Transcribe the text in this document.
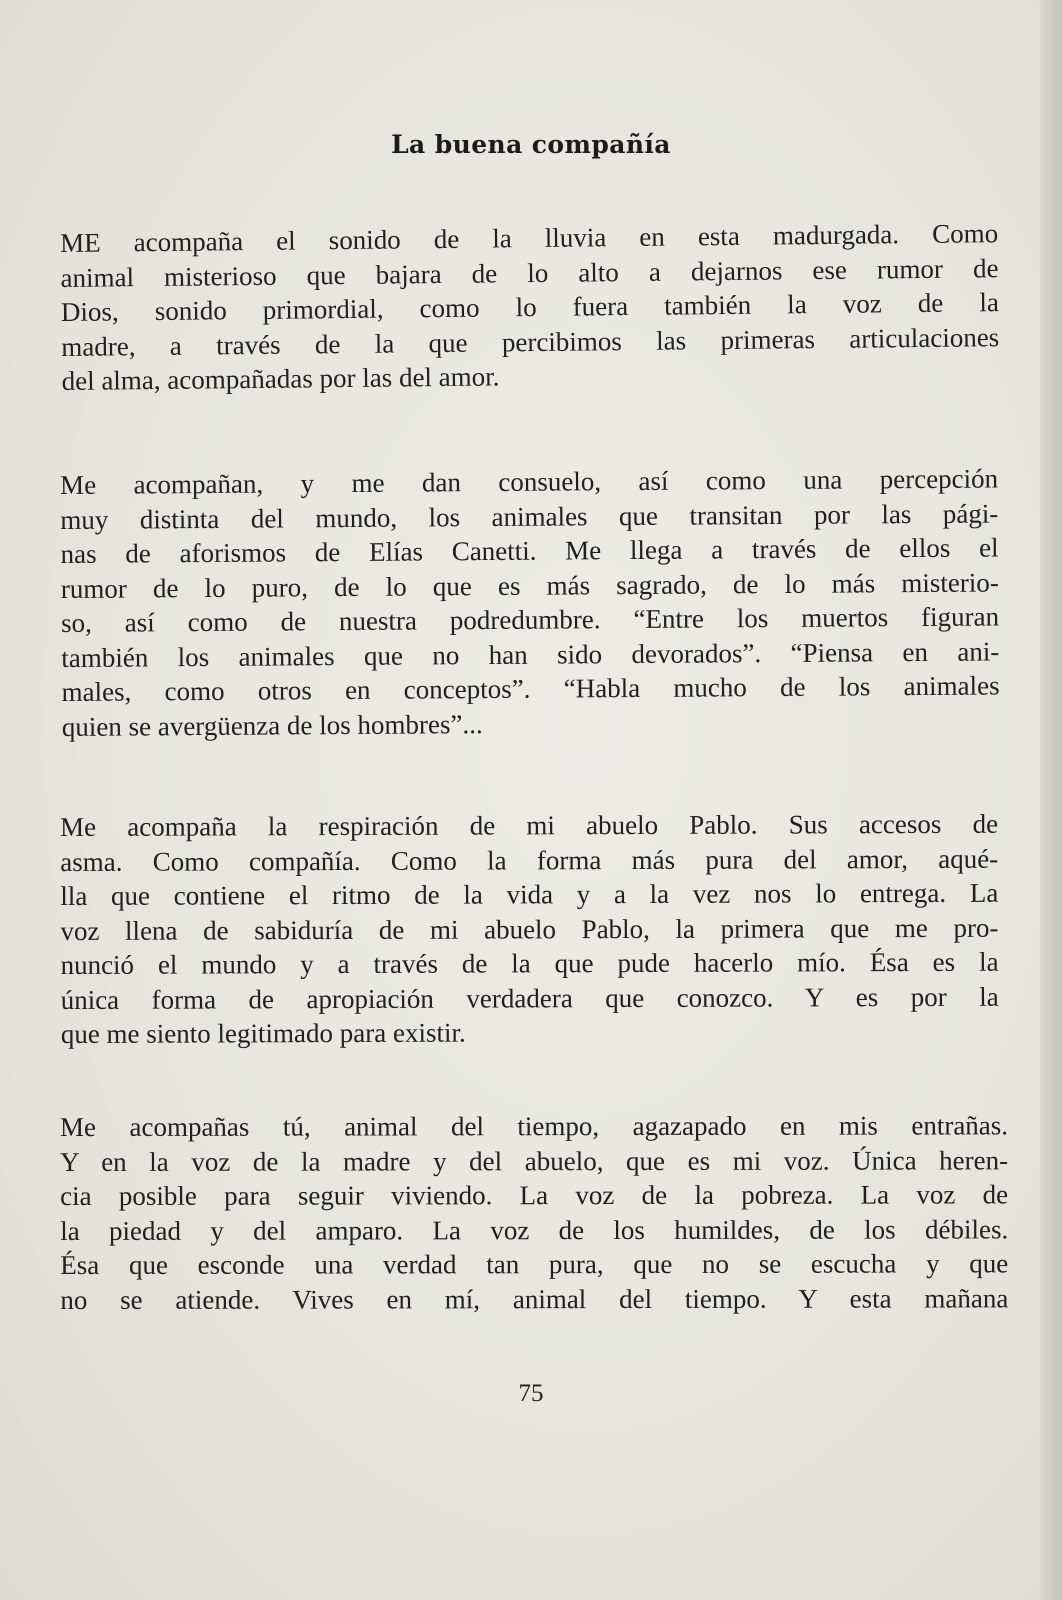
La buena compañía

ME acompaña el sonido de la lluvia en esta madurgada. Como
animal misterioso que bajara de lo alto a dejarnos ese rumor de
Dios, sonido primordial, como lo fuera también la voz de la
madre, a través de la que percibimos las primeras articulaciones
del alma, acompañadas por las del amor.

Me acompañan, y me dan consuelo, así como una percepción
muy distinta del mundo, los animales que transitan por las pági-
nas de aforismos de Elías Canetti. Me llega a través de ellos el
rumor de lo puro, de lo que es más sagrado, de lo más misterio-
so, así como de nuestra podredumbre. “Entre los muertos figuran
también los animales que no han sido devorados”. “Piensa en ani-
males, como otros en conceptos”. “Habla mucho de los animales
quien se avergüenza de los hombres”...

Me acompaña la respiración de mi abuelo Pablo. Sus accesos de
asma. Como compañía. Como la forma más pura del amor, aqué-
lla que contiene el ritmo de la vida y a la vez nos lo entrega. La
voz llena de sabiduría de mi abuelo Pablo, la primera que me pro-
nunció el mundo y a través de la que pude hacerlo mío. Ésa es la
única forma de apropiación verdadera que conozco. Y es por la
que me siento legitimado para existir.

Me acompañas tú, animal del tiempo, agazapado en mis entrañas.
Y en la voz de la madre y del abuelo, que es mi voz. Única heren-
cia posible para seguir viviendo. La voz de la pobreza. La voz de
la piedad y del amparo. La voz de los humildes, de los débiles.
Ésa que esconde una verdad tan pura, que no se escucha y que
no se atiende. Vives en mí, animal del tiempo. Y esta mañana

75
